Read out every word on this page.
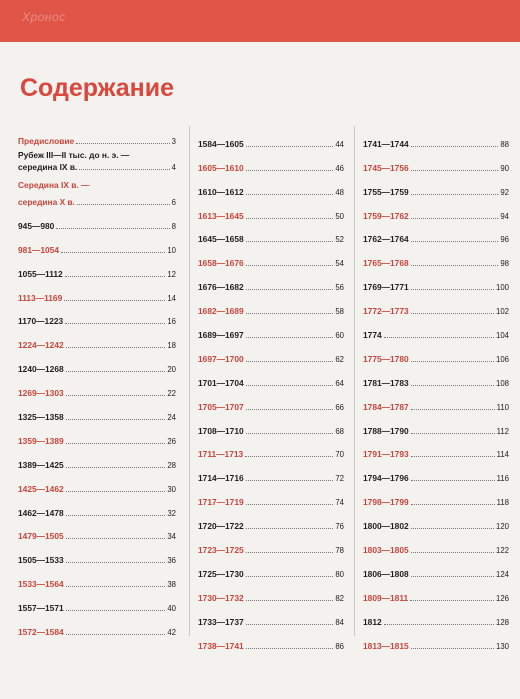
Хронос
Содержание
Предисловие	3
Рубеж III—II тыс. до н. э. —
середина IX в.	4
Середина IX в. —
середина X в.	6
945—980	8
981—1054	10
1055—1112	12
1113—1169	14
1170—1223	16
1224—1242	18
1240—1268	20
1269—1303	22
1325—1358	24
1359—1389	26
1389—1425	28
1425—1462	30
1462—1478	32
1479—1505	34
1505—1533	36
1533—1564	38
1557—1571	40
1572—1584	42
1584—1605	44
1605—1610	46
1610—1612	48
1613—1645	50
1645—1658	52
1658—1676	54
1676—1682	56
1682—1689	58
1689—1697	60
1697—1700	62
1701—1704	64
1705—1707	66
1708—1710	68
1711—1713	70
1714—1716	72
1717—1719	74
1720—1722	76
1723—1725	78
1725—1730	80
1730—1732	82
1733—1737	84
1738—1741	86
1741—1744	88
1745—1756	90
1755—1759	92
1759—1762	94
1762—1764	96
1765—1768	98
1769—1771	100
1772—1773	102
1774	104
1775—1780	106
1781—1783	108
1784—1787	110
1788—1790	112
1791—1793	114
1794—1796	116
1798—1799	118
1800—1802	120
1803—1805	122
1806—1808	124
1809—1811	126
1812	128
1813—1815	130
